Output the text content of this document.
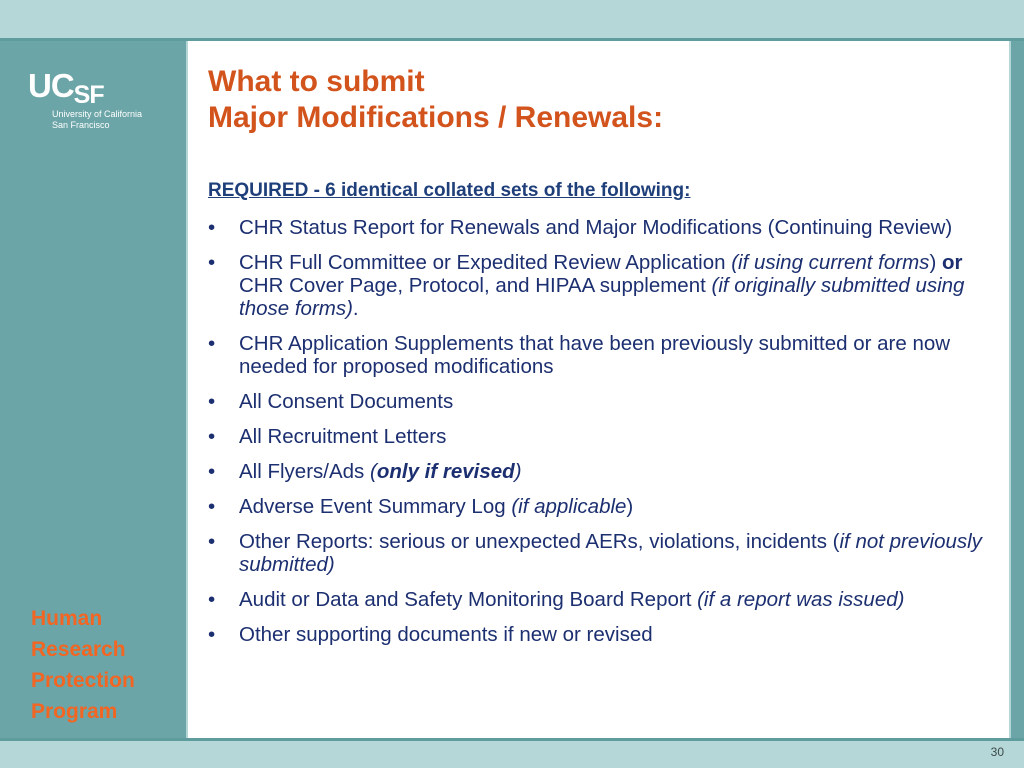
UCSF
University of California
San Francisco
Human
Research
Protection
Program
What to submit
Major Modifications / Renewals:
REQUIRED - 6 identical collated sets of the following:
• CHR Status Report for Renewals and Major Modifications (Continuing Review)
• CHR Full Committee or Expedited Review Application (if using current forms) or CHR Cover Page, Protocol, and HIPAA supplement (if originally submitted using those forms).
• CHR Application Supplements that have been previously submitted or are now needed for proposed modifications
• All Consent Documents
• All Recruitment Letters
• All Flyers/Ads (only if revised)
• Adverse Event Summary Log (if applicable)
• Other Reports: serious or unexpected AERs, violations, incidents (if not previously submitted)
• Audit or Data and Safety Monitoring Board Report (if a report was issued)
• Other supporting documents if new or revised
30
